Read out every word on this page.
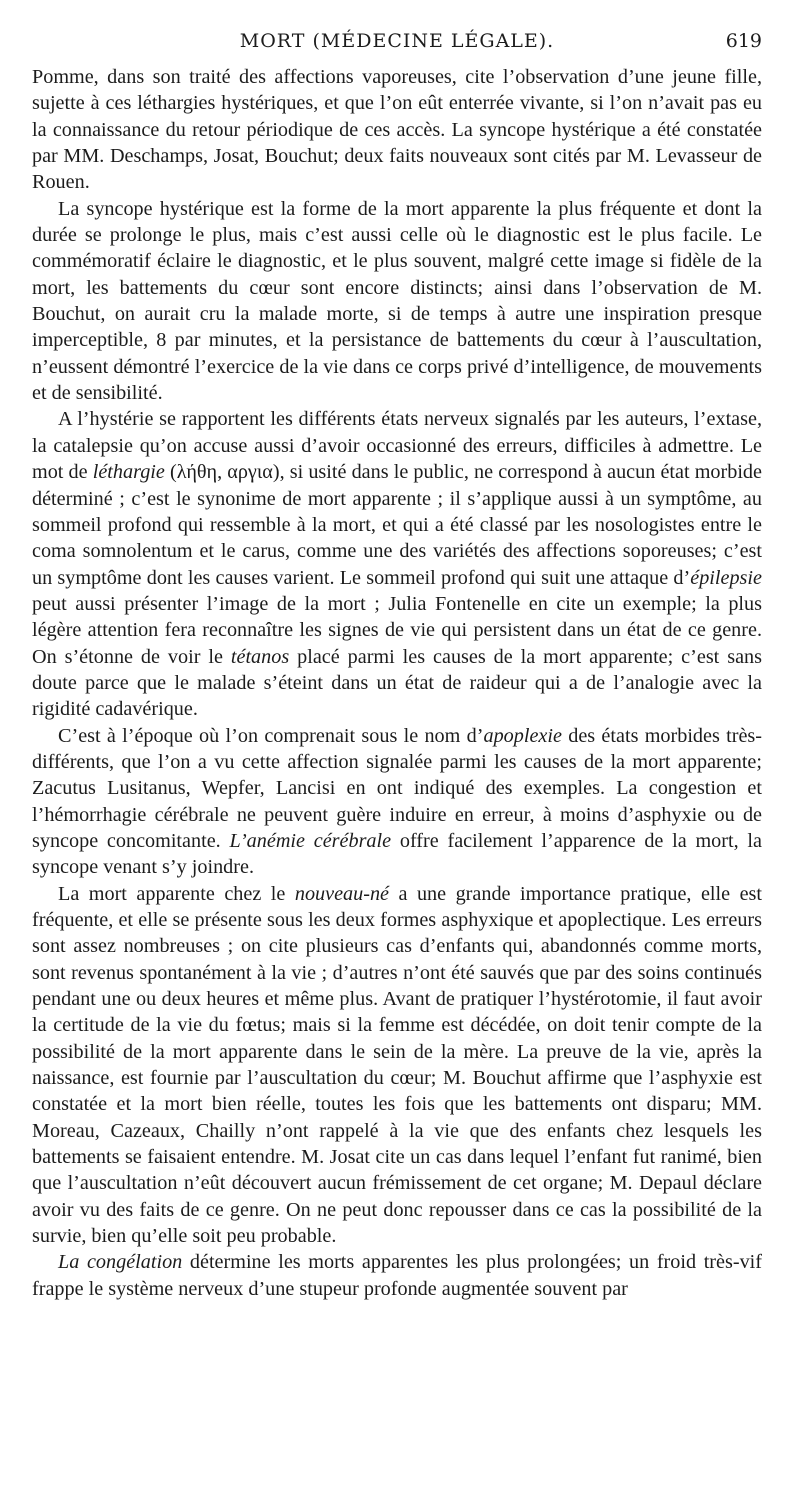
MORT (MÉDECINE LÉGALE).	619

Pomme, dans son traité des affections vaporeuses, cite l’observation d’une jeune fille, sujette à ces léthargies hystériques, et que l’on eût enterrée vivante, si l’on n’avait pas eu la connaissance du retour périodique de ces accès. La syncope hystérique a été constatée par MM. Deschamps, Josat, Bouchut; deux faits nouveaux sont cités par M. Levasseur de Rouen.

La syncope hystérique est la forme de la mort apparente la plus fréquente et dont la durée se prolonge le plus, mais c’est aussi celle où le diagnostic est le plus facile. Le commémoratif éclaire le diagnostic, et le plus souvent, malgré cette image si fidèle de la mort, les battements du cœur sont encore distincts; ainsi dans l’observation de M. Bouchut, on aurait cru la malade morte, si de temps à autre une inspiration presque imperceptible, 8 par minutes, et la persistance de battements du cœur à l’auscultation, n’eussent démontré l’exercice de la vie dans ce corps privé d’intelligence, de mouvements et de sensibilité.

A l’hystérie se rapportent les différents états nerveux signalés par les auteurs, l’extase, la catalepsie qu’on accuse aussi d’avoir occasionné des erreurs, difficiles à admettre. Le mot de léthargie (λήθη, αργια), si usité dans le public, ne correspond à aucun état morbide déterminé ; c’est le synonime de mort apparente ; il s’applique aussi à un symptôme, au sommeil profond qui ressemble à la mort, et qui a été classé par les nosologistes entre le coma somnolentum et le carus, comme une des variétés des affections soporeuses; c’est un symptôme dont les causes varient. Le sommeil profond qui suit une attaque d’épilepsie peut aussi présenter l’image de la mort ; Julia Fontenelle en cite un exemple; la plus légère attention fera reconnaître les signes de vie qui persistent dans un état de ce genre. On s’étonne de voir le tétanos placé parmi les causes de la mort apparente; c’est sans doute parce que le malade s’éteint dans un état de raideur qui a de l’analogie avec la rigidité cadavérique.

C’est à l’époque où l’on comprenait sous le nom d’apoplexie des états morbides très-différents, que l’on a vu cette affection signalée parmi les causes de la mort apparente; Zacutus Lusitanus, Wepfer, Lancisi en ont indiqué des exemples. La congestion et l’hémorrhagie cérébrale ne peuvent guère induire en erreur, à moins d’asphyxie ou de syncope concomitante. L’anémie cérébrale offre facilement l’apparence de la mort, la syncope venant s’y joindre.

La mort apparente chez le nouveau-né a une grande importance pratique, elle est fréquente, et elle se présente sous les deux formes asphyxique et apoplectique. Les erreurs sont assez nombreuses ; on cite plusieurs cas d’enfants qui, abandonnés comme morts, sont revenus spontanément à la vie ; d’autres n’ont été sauvés que par des soins continués pendant une ou deux heures et même plus. Avant de pratiquer l’hystérotomie, il faut avoir la certitude de la vie du fœtus; mais si la femme est décédée, on doit tenir compte de la possibilité de la mort apparente dans le sein de la mère. La preuve de la vie, après la naissance, est fournie par l’auscultation du cœur; M. Bouchut affirme que l’asphyxie est constatée et la mort bien réelle, toutes les fois que les battements ont disparu; MM. Moreau, Cazeaux, Chailly n’ont rappelé à la vie que des enfants chez lesquels les battements se faisaient entendre. M. Josat cite un cas dans lequel l’enfant fut ranimé, bien que l’auscultation n’eût découvert aucun frémissement de cet organe; M. Depaul déclare avoir vu des faits de ce genre. On ne peut donc repousser dans ce cas la possibilité de la survie, bien qu’elle soit peu probable.

La congélation détermine les morts apparentes les plus prolongées; un froid très-vif frappe le système nerveux d’une stupeur profonde augmentée souvent par
